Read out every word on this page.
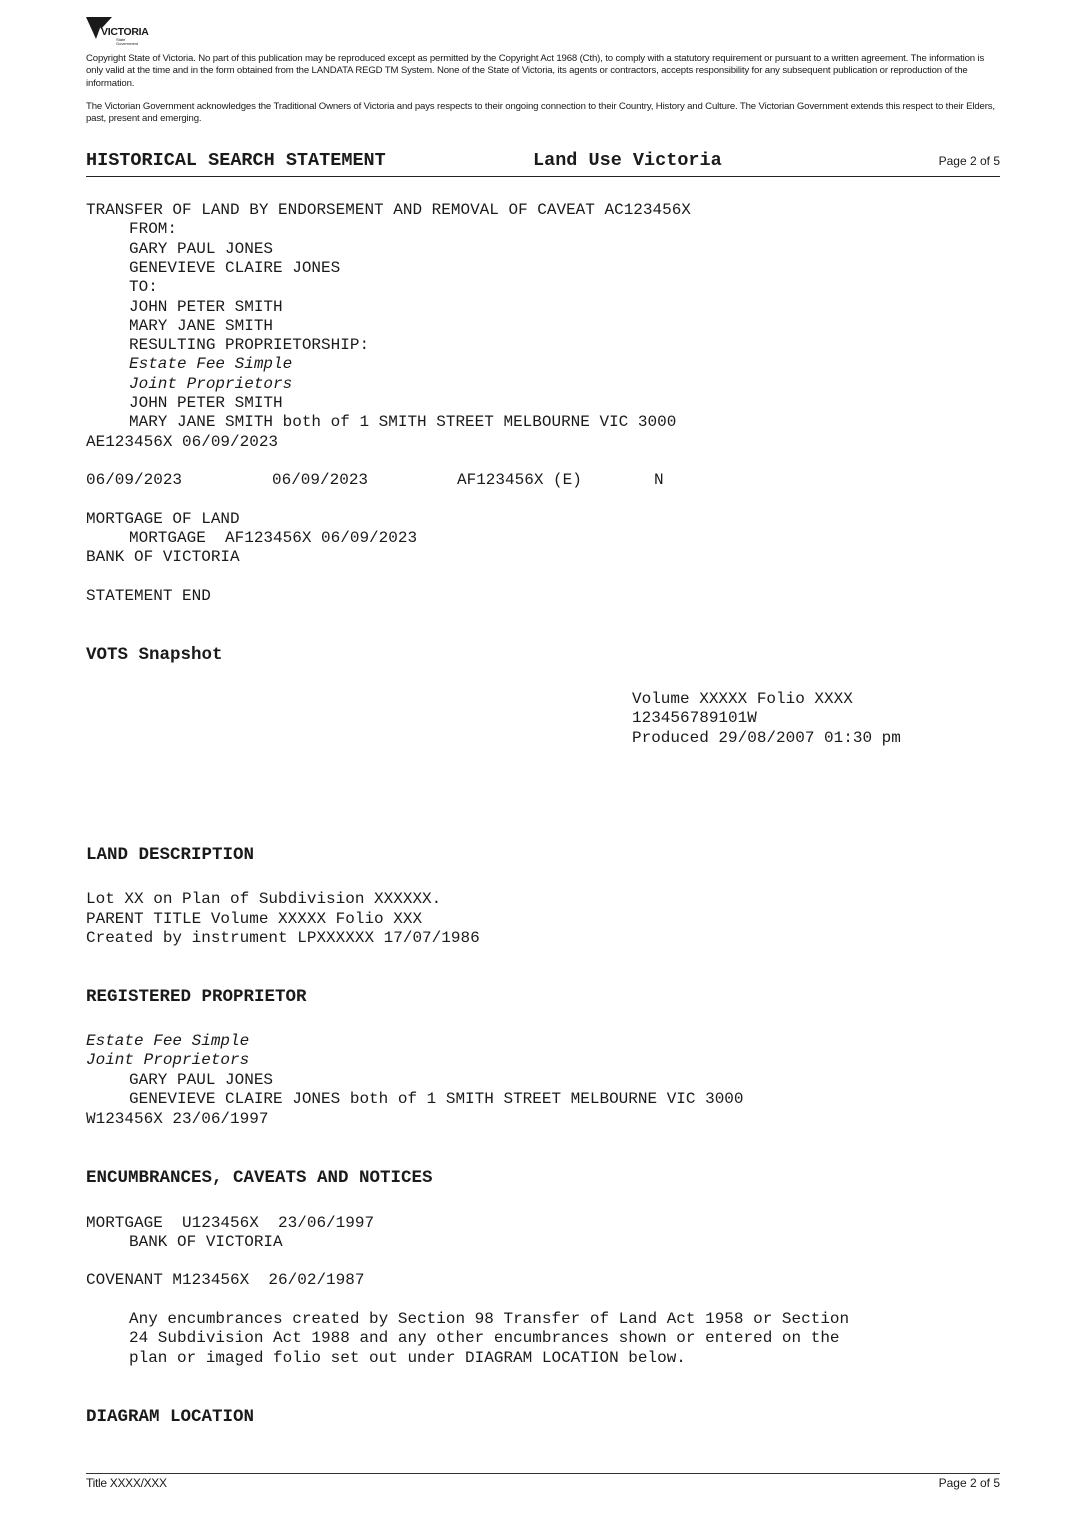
VICTORIA
State
Government

Copyright State of Victoria. No part of this publication may be reproduced except as permitted by the Copyright Act 1968 (Cth), to comply with a statutory requirement or pursuant to a written agreement. The information is only valid at the time and in the form obtained from the LANDATA REGD TM System. None of the State of Victoria, its agents or contractors, accepts responsibility for any subsequent publication or reproduction of the information.

The Victorian Government acknowledges the Traditional Owners of Victoria and pays respects to their ongoing connection to their Country, History and Culture. The Victorian Government extends this respect to their Elders, past, present and emerging.

HISTORICAL SEARCH STATEMENT	Land Use Victoria	Page 2 of 5

TRANSFER OF LAND BY ENDORSEMENT AND REMOVAL OF CAVEAT AC123456X

FROM:

GARY PAUL JONES

GENEVIEVE CLAIRE JONES

TO:

JOHN PETER SMITH

MARY JANE SMITH

RESULTING PROPRIETORSHIP:

Estate Fee Simple

Joint Proprietors

JOHN PETER SMITH

MARY JANE SMITH both of 1 SMITH STREET MELBOURNE VIC 3000

AE123456X 06/09/2023

06/09/2023	06/09/2023	AF123456X (E)	N

MORTGAGE OF LAND

MORTGAGE  AF123456X 06/09/2023

BANK OF VICTORIA

STATEMENT END

VOTS Snapshot

Volume XXXXX Folio XXXX

123456789101W

Produced 29/08/2007 01:30 pm

LAND DESCRIPTION

Lot XX on Plan of Subdivision XXXXXX.

PARENT TITLE Volume XXXXX Folio XXX

Created by instrument LPXXXXXX 17/07/1986

REGISTERED PROPRIETOR

Estate Fee Simple

Joint Proprietors

GARY PAUL JONES

GENEVIEVE CLAIRE JONES both of 1 SMITH STREET MELBOURNE VIC 3000

W123456X 23/06/1997

ENCUMBRANCES, CAVEATS AND NOTICES

MORTGAGE  U123456X  23/06/1997

BANK OF VICTORIA

COVENANT M123456X  26/02/1987

Any encumbrances created by Section 98 Transfer of Land Act 1958 or Section

24 Subdivision Act 1988 and any other encumbrances shown or entered on the

plan or imaged folio set out under DIAGRAM LOCATION below.

DIAGRAM LOCATION

Title XXXX/XXX	Page 2 of 5
